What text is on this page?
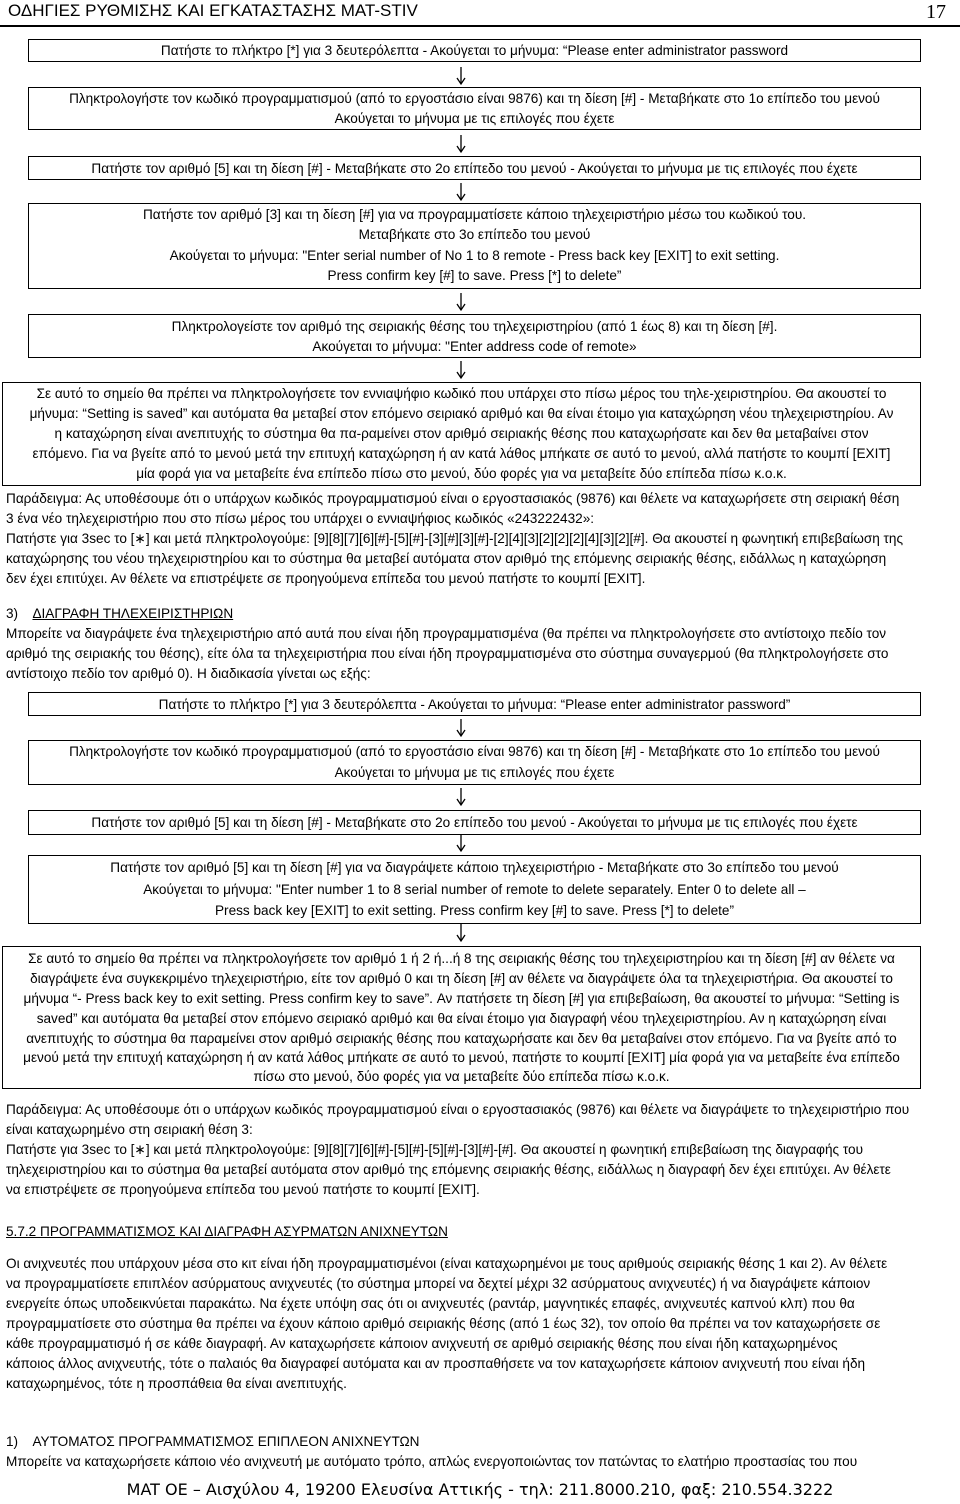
ΟΔΗΓΙΕΣ ΡΥΘΜΙΣΗΣ ΚΑΙ ΕΓΚΑΤΑΣΤΑΣΗΣ MAT-STIV	17
Πατήστε το πλήκτρο [*] για 3 δευτερόλεπτα - Ακούγεται το μήνυμα: “Please enter administrator password
Πληκτρολογήστε τον κωδικό προγραμματισμού (από το εργοστάσιο είναι 9876) και τη δίεση [#] - Μεταβήκατε στο 1ο επίπεδο του μενού
Ακούγεται το μήνυμα με τις επιλογές που έχετε
Πατήστε τον αριθμό [5] και τη δίεση [#] - Μεταβήκατε στο 2ο επίπεδο του μενού - Ακούγεται το μήνυμα με τις επιλογές που έχετε
Πατήστε τον αριθμό [3] και τη δίεση [#] για να προγραμματίσετε κάποιο τηλεχειριστήριο μέσω του κωδικού του.
Μεταβήκατε στο 3ο επίπεδο του μενού
Ακούγεται το μήνυμα: "Enter serial number of No 1 to 8 remote - Press back key [EXIT] to exit setting.
Press confirm key [#] to save. Press [*] to delete”
Πληκτρολογείστε τον αριθμό της σειριακής θέσης του τηλεχειριστηρίου (από 1 έως 8) και τη δίεση [#].
Ακούγεται το μήνυμα: "Enter address code of remote»
Σε αυτό το σημείο θα πρέπει να πληκτρολογήσετε τον εννιαψήφιο κωδικό που υπάρχει στο πίσω μέρος του τηλε-χειριστηρίου. Θα ακουστεί το
μήνυμα: “Setting is saved” και αυτόματα θα μεταβεί στον επόμενο σειριακό αριθμό και θα είναι έτοιμο για καταχώρηση νέου τηλεχειριστηρίου. Αν
η καταχώρηση είναι ανεπιτυχής το σύστημα θα πα-ραμείνει στον αριθμό σειριακής θέσης που καταχωρήσατε και δεν θα μεταβαίνει στον
επόμενο. Για να βγείτε από το μενού μετά την επιτυχή καταχώρηση ή αν κατά λάθος μπήκατε σε αυτό το μενού, αλλά πατήστε το κουμπί [EXIT]
μία φορά για να μεταβείτε ένα επίπεδο πίσω στο μενού, δύο φορές για να μεταβείτε δύο επίπεδα πίσω κ.ο.κ.
Παράδειγμα: Ας υποθέσουμε ότι ο υπάρχων κωδικός προγραμματισμού είναι ο εργοστασιακός (9876) και θέλετε να καταχωρήσετε στη σειριακή θέση
3 ένα νέο τηλεχειριστήριο που στο πίσω μέρος του υπάρχει ο εννιαψήφιος κωδικός «243222432»:
Πατήστε για 3sec το [∗] και μετά πληκτρολογούμε: [9][8][7][6][#]-[5][#]-[3][#][3][#]-[2][4][3][2][2][2][4][3][2][#]. Θα ακουστεί η φωνητική επιβεβαίωση της
καταχώρησης του νέου τηλεχειριστηρίου και το σύστημα θα μεταβεί αυτόματα στον αριθμό της επόμενης σειριακής θέσης, ειδάλλως η καταχώρηση
δεν έχει επιτύχει. Αν θέλετε να επιστρέψετε σε προηγούμενα επίπεδα του μενού πατήστε το κουμπί [EXIT].
3)    ΔΙΑΓΡΑΦΗ ΤΗΛΕΧΕΙΡΙΣΤΗΡΙΩΝ
Μπορείτε να διαγράψετε ένα τηλεχειριστήριο από αυτά που είναι ήδη προγραμματισμένα (θα πρέπει να πληκτρολογήσετε στο αντίστοιχο πεδίο τον
αριθμό της σειριακής του θέσης), είτε όλα τα τηλεχειριστήρια που είναι ήδη προγραμματισμένα στο σύστημα συναγερμού (θα πληκτρολογήσετε στο
αντίστοιχο πεδίο τον αριθμό 0). Η διαδικασία γίνεται ως εξής:
Πατήστε το πλήκτρο [*] για 3 δευτερόλεπτα - Ακούγεται το μήνυμα: “Please enter administrator password”
Πληκτρολογήστε τον κωδικό προγραμματισμού (από το εργοστάσιο είναι 9876) και τη δίεση [#] - Μεταβήκατε στο 1ο επίπεδο του μενού
Ακούγεται το μήνυμα με τις επιλογές που έχετε
Πατήστε τον αριθμό [5] και τη δίεση [#] - Μεταβήκατε στο 2ο επίπεδο του μενού - Ακούγεται το μήνυμα με τις επιλογές που έχετε
Πατήστε τον αριθμό [5] και τη δίεση [#] για να διαγράψετε κάποιο τηλεχειριστήριο - Μεταβήκατε στο 3ο επίπεδο του μενού
Ακούγεται το μήνυμα: "Enter number 1 to 8 serial number of remote to delete separately. Enter 0 to delete all –
Press back key [EXIT] to exit setting. Press confirm key [#] to save. Press [*] to delete”
Σε αυτό το σημείο θα πρέπει να πληκτρολογήσετε τον αριθμό 1 ή 2 ή...ή 8 της σειριακής θέσης του τηλεχειριστηρίου και τη δίεση [#] αν θέλετε να
διαγράψετε ένα συγκεκριμένο τηλεχειριστήριο, είτε τον αριθμό 0 και τη δίεση [#] αν θέλετε να διαγράψετε όλα τα τηλεχειριστήρια. Θα ακουστεί το
μήνυμα “- Press back key to exit setting. Press confirm key to save”. Αν πατήσετε τη δίεση [#] για επιβεβαίωση, θα ακουστεί το μήνυμα: “Setting is
saved” και αυτόματα θα μεταβεί στον επόμενο σειριακό αριθμό και θα είναι έτοιμο για διαγραφή νέου τηλεχειριστηρίου. Αν η καταχώρηση είναι
ανεπιτυχής το σύστημα θα παραμείνει στον αριθμό σειριακής θέσης που καταχωρήσατε και δεν θα μεταβαίνει στον επόμενο. Για να βγείτε από το
μενού μετά την επιτυχή καταχώρηση ή αν κατά λάθος μπήκατε σε αυτό το μενού, πατήστε το κουμπί [EXIT] μία φορά για να μεταβείτε ένα επίπεδο
πίσω στο μενού, δύο φορές για να μεταβείτε δύο επίπεδα πίσω κ.ο.κ.
Παράδειγμα: Ας υποθέσουμε ότι ο υπάρχων κωδικός προγραμματισμού είναι ο εργοστασιακός (9876) και θέλετε να διαγράψετε το τηλεχειριστήριο που
είναι καταχωρημένο στη σειριακή θέση 3:
Πατήστε για 3sec το [∗] και μετά πληκτρολογούμε: [9][8][7][6][#]-[5][#]-[5][#]-[3][#]-[#]. Θα ακουστεί η φωνητική επιβεβαίωση της διαγραφής του
τηλεχειριστηρίου και το σύστημα θα μεταβεί αυτόματα στον αριθμό της επόμενης σειριακής θέσης, ειδάλλως η διαγραφή δεν έχει επιτύχει. Αν θέλετε
να επιστρέψετε σε προηγούμενα επίπεδα του μενού πατήστε το κουμπί [EXIT].
5.7.2 ΠΡΟΓΡΑΜΜΑΤΙΣΜΟΣ ΚΑΙ ΔΙΑΓΡΑΦΗ ΑΣΥΡΜΑΤΩΝ ΑΝΙΧΝΕΥΤΩΝ
Οι ανιχνευτές που υπάρχουν μέσα στο κιτ είναι ήδη προγραμματισμένοι (είναι καταχωρημένοι με τους αριθμούς σειριακής θέσης 1 και 2). Αν θέλετε
να προγραμματίσετε επιπλέον ασύρματους ανιχνευτές (το σύστημα μπορεί να δεχτεί μέχρι 32 ασύρματους ανιχνευτές) ή να διαγράψετε κάποιον
ενεργείτε όπως υποδεικνύεται παρακάτω. Να έχετε υπόψη σας ότι οι ανιχνευτές (ραντάρ, μαγνητικές επαφές, ανιχνευτές καπνού κλπ) που θα
προγραμματίσετε στο σύστημα θα πρέπει να έχουν κάποιο αριθμό σειριακής θέσης (από 1 έως 32), τον οποίο θα πρέπει να τον καταχωρήσετε σε
κάθε προγραμματισμό ή σε κάθε διαγραφή. Αν καταχωρήσετε κάποιον ανιχνευτή σε αριθμό σειριακής θέσης που είναι ήδη καταχωρημένος
κάποιος άλλος ανιχνευτής, τότε ο παλαιός θα διαγραφεί αυτόματα και αν προσπαθήσετε να τον καταχωρήσετε κάποιον ανιχνευτή που είναι ήδη
καταχωρημένος, τότε η προσπάθεια θα είναι ανεπιτυχής.
1)    ΑΥΤΟΜΑΤΟΣ ΠΡΟΓΡΑΜΜΑΤΙΣΜΟΣ ΕΠΙΠΛΕΟΝ ΑΝΙΧΝΕΥΤΩΝ
Μπορείτε να καταχωρήσετε κάποιο νέο ανιχνευτή με αυτόματο τρόπο, απλώς ενεργοποιώντας τον πατώντας το ελατήριο προστασίας του που
MAT OE – Αισχύλου 4, 19200 Ελευσίνα Αττικής - τηλ: 211.8000.210, φαξ: 210.554.3222
